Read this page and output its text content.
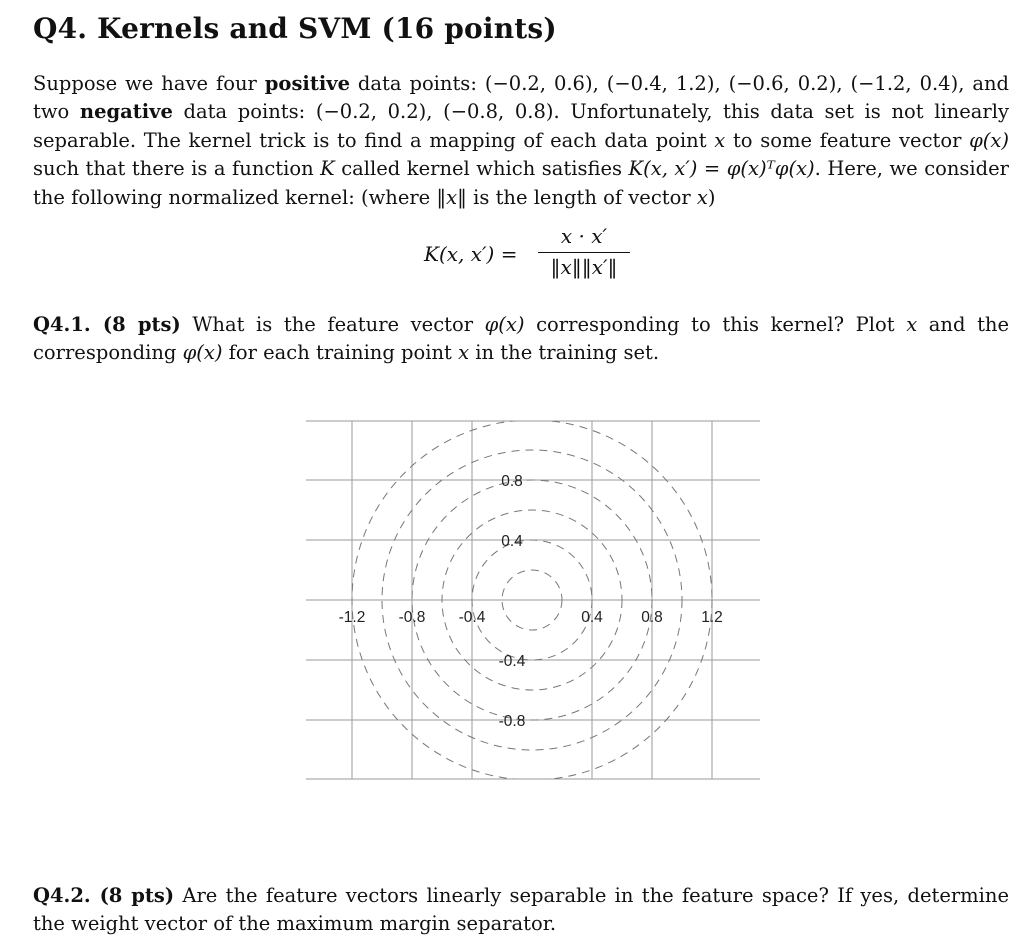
Q4. Kernels and SVM (16 points)

Suppose we have four positive data points: (−0.2, 0.6), (−0.4, 1.2), (−0.6, 0.2), (−1.2, 0.4), and two negative data points: (−0.2, 0.2), (−0.8, 0.8). Unfortunately, this data set is not linearly separable. The kernel trick is to find a mapping of each data point x to some feature vector φ(x) such that there is a function K called kernel which satisfies K(x, x′) = φ(x)ᵀφ(x). Here, we consider the following normalized kernel: (where ‖x‖ is the length of vector x)

K(x, $x') = \frac{x \cdot x'}{‖x‖‖x'‖}$

Q4.1. (8 pts) What is the feature vector φ(x) corresponding to this kernel? Plot x and the corresponding φ(x) for each training point x in the training set.

-1.2 -0.8 -0.4	0.4 0.8 1.2
0.8
0.4
-0.4
-0.8

Q4.2. (8 pts) Are the feature vectors linearly separable in the feature space? If yes, determine the weight vector of the maximum margin separator.
